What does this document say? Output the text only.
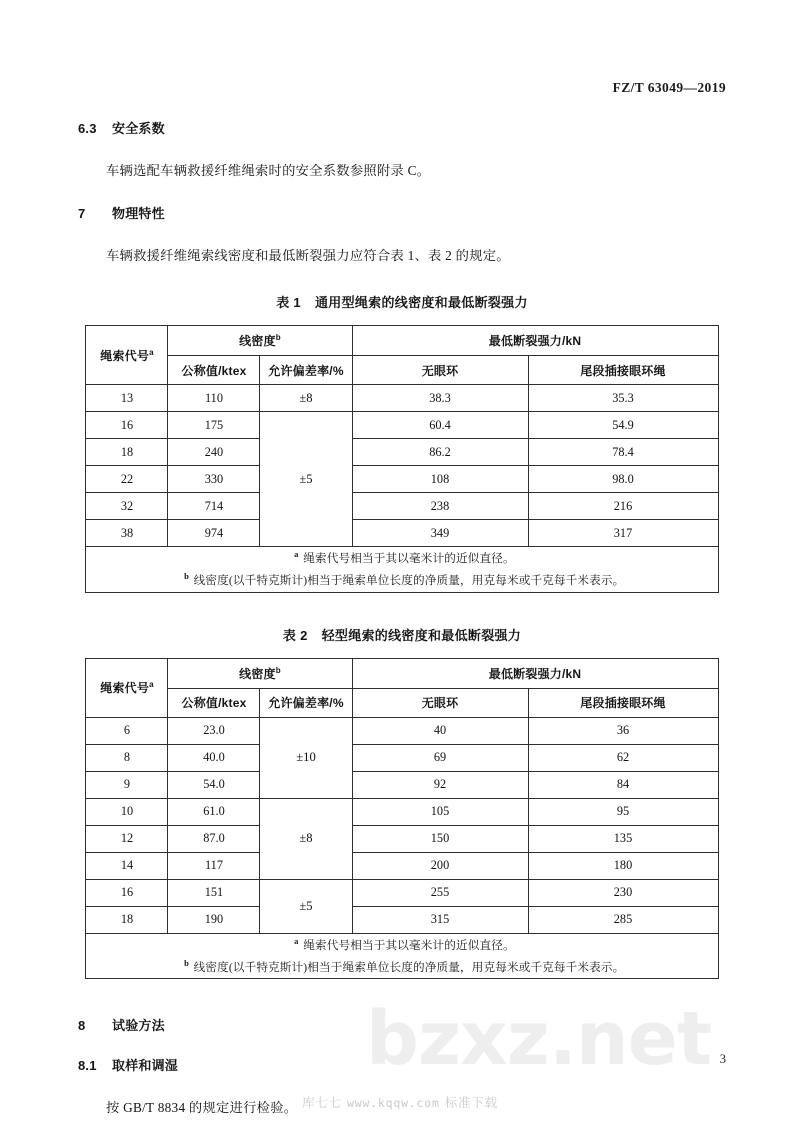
FZ/T 63049—2019

6.3 安全系数

车辆选配车辆救援纤维绳索时的安全系数参照附录 C。

7 物理特性

车辆救援纤维绳索线密度和最低断裂强力应符合表 1、表 2 的规定。

表 1 通用型绳索的线密度和最低断裂强力
绳索代号$^a$	线密度$^b$		最低断裂强力/kN	
	公称值/ktex	允许偏差率/%	无眼环	尾段插接眼环绳
13	110	±8	38.3	35.3
16	175	±5	60.4	54.9
18	240		86.2	78.4
22	330		108	98.0
32	714		238	216
38	974		349	317

a 绳索代号相当于其以毫米计的近似直径。
b 线密度(以千特克斯计)相当于绳索单位长度的净质量，用克每米或千克每千米表示。				
表 2 轻型绳索的线密度和最低断裂强力
绳索代号$^a$	线密度$^b$		最低断裂强力/kN	
	公称值/ktex	允许偏差率/%	无眼环	尾段插接眼环绳
6	23.0	±10	40	36
8	40.0		69	62
9	54.0		92	84
10	61.0	±8	105	95
12	87.0		150	135
14	117		200	180
16	151	±5	255	230
18	190		315	285

a 绳索代号相当于其以毫米计的近似直径。
b 线密度(以千特克斯计)相当于绳索单位长度的净质量，用克每米或千克每千米表示。				

8 试验方法

8.1 取样和调湿

按 GB/T 8834 的规定进行检验。

bzxz.net 3
库七七 www.kqqw.com 标准下载
